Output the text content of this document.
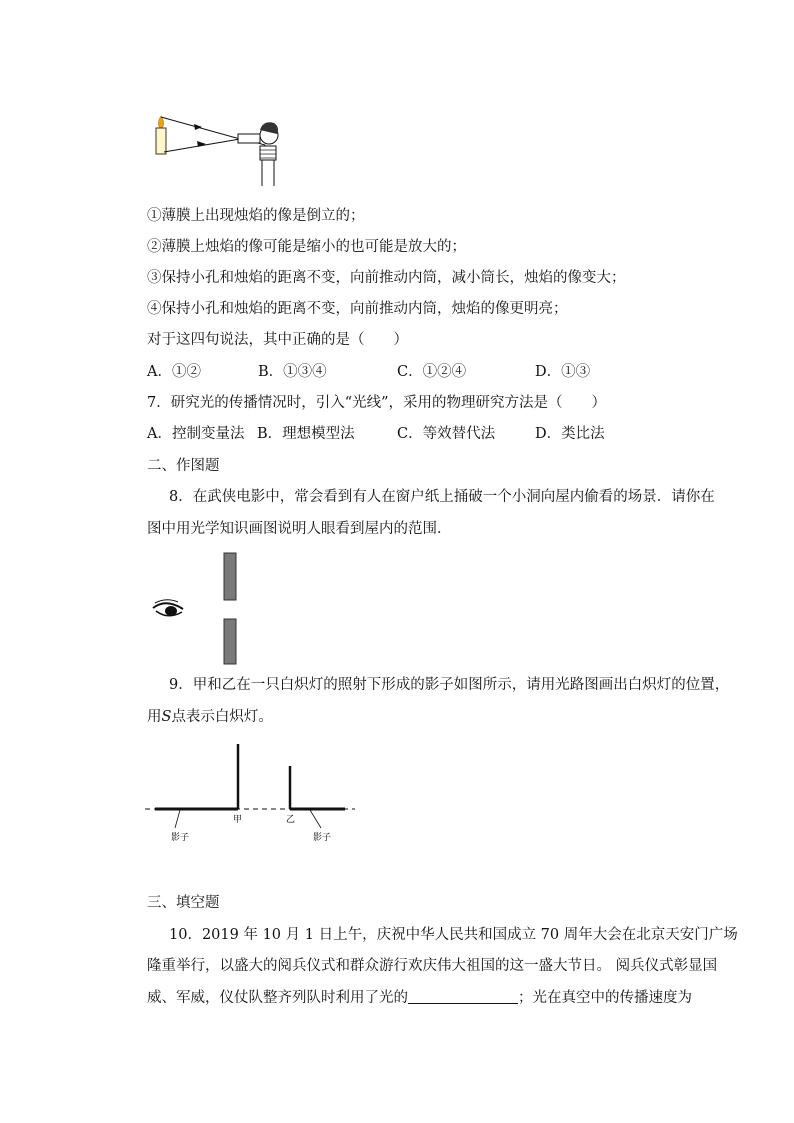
①薄膜上出现烛焰的像是倒立的；
②薄膜上烛焰的像可能是缩小的也可能是放大的；
③保持小孔和烛焰的距离不变，向前推动内筒，减小筒长，烛焰的像变大；
④保持小孔和烛焰的距离不变，向前推动内筒，烛焰的像更明亮；
对于这四句说法，其中正确的是（　　）
A．①②	B．①③④	C．①②④	D．①③
7．研究光的传播情况时，引入“光线”，采用的物理研究方法是（　　）
A．控制变量法 B．理想模型法	C．等效替代法	D．类比法
二、作图题
8．在武侠电影中，常会看到有人在窗户纸上捅破一个小洞向屋内偷看的场景．请你在
图中用光学知识画图说明人眼看到屋内的范围．
9．甲和乙在一只白炽灯的照射下形成的影子如图所示，请用光路图画出白炽灯的位置，
用S点表示白炽灯。
甲	乙
影子	影子
三、填空题
10．2019 年 10 月 1 日上午，庆祝中华人民共和国成立 70 周年大会在北京天安门广场
隆重举行，以盛大的阅兵仪式和群众游行欢庆伟大祖国的这一盛大节日。 阅兵仪式彰显国
威、军威，仪仗队整齐列队时利用了光的	；光在真空中的传播速度为
